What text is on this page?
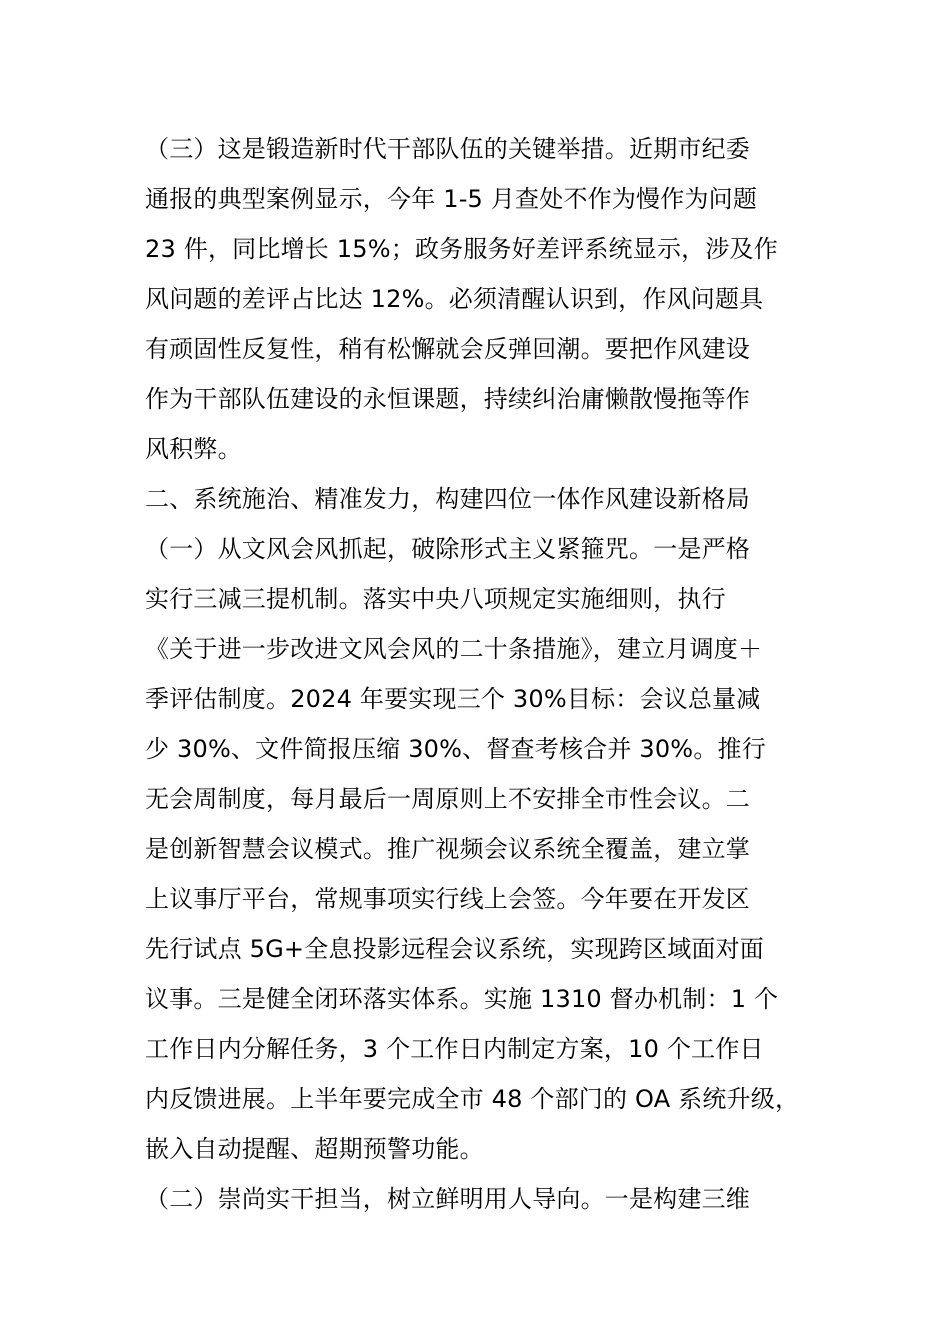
（三）这是锻造新时代干部队伍的关键举措。近期市纪委
通报的典型案例显示，今年 1-5 月查处不作为慢作为问题
23 件，同比增长 15%；政务服务好差评系统显示，涉及作
风问题的差评占比达 12%。必须清醒认识到，作风问题具
有顽固性反复性，稍有松懈就会反弹回潮。要把作风建设
作为干部队伍建设的永恒课题，持续纠治庸懒散慢拖等作
风积弊。
二、系统施治、精准发力，构建四位一体作风建设新格局
（一）从文风会风抓起，破除形式主义紧箍咒。一是严格
实行三减三提机制。落实中央八项规定实施细则，执行
《关于进一步改进文风会风的二十条措施》，建立月调度＋
季评估制度。2024 年要实现三个 30%目标：会议总量减
少 30%、文件简报压缩 30%、督查考核合并 30%。推行
无会周制度，每月最后一周原则上不安排全市性会议。二
是创新智慧会议模式。推广视频会议系统全覆盖，建立掌
上议事厅平台，常规事项实行线上会签。今年要在开发区
先行试点 5G+全息投影远程会议系统，实现跨区域面对面
议事。三是健全闭环落实体系。实施 1310 督办机制：1 个
工作日内分解任务，3 个工作日内制定方案，10 个工作日
内反馈进展。上半年要完成全市 48 个部门的 OA 系统升级，
嵌入自动提醒、超期预警功能。
（二）崇尚实干担当，树立鲜明用人导向。一是构建三维
